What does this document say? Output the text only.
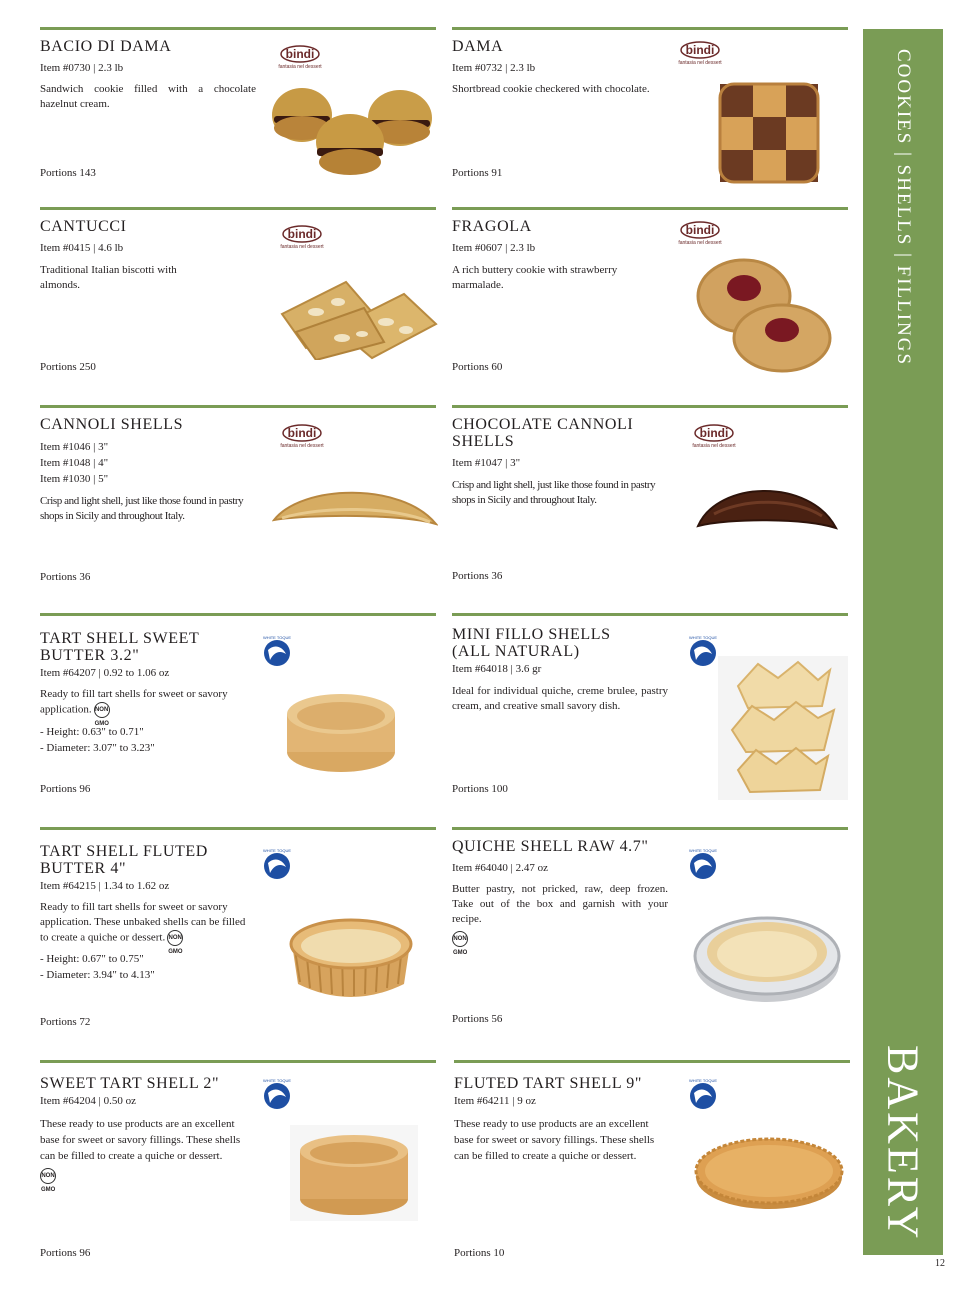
BACIO DI DAMA
Item #0730 | 2.3 lb
Sandwich cookie filled with a chocolate hazelnut cream.
Portions 143
bindi
fantasia nel dessert
DAMA
Item #0732 | 2.3 lb
Shortbread cookie checkered with chocolate.
Portions 91
bindi
fantasia nel dessert
CANTUCCI
Item #0415 | 4.6 lb
Traditional Italian biscotti with almonds.
Portions 250
bindi
fantasia nel dessert
FRAGOLA
Item #0607 | 2.3 lb
A rich buttery cookie with strawberry marmalade.
Portions 60
bindi
fantasia nel dessert
CANNOLI SHELLS
Item #1046 | 3"
Item #1048 | 4"
Item #1030 | 5"
Crisp and light shell, just like those found in pastry shops in Sicily and throughout Italy.
Portions 36
bindi
fantasia nel dessert
CHOCOLATE CANNOLI
SHELLS
Item #1047 | 3"
Crisp and light shell, just like those found in pastry shops in Sicily and throughout Italy.
Portions 36
bindi
fantasia nel dessert
TART SHELL SWEET
BUTTER 3.2"
Item #64207 | 0.92 to 1.06 oz
Ready to fill tart shells for sweet or savory application. NON GMO
- Height: 0.63" to 0.71"
- Diameter: 3.07" to 3.23"
Portions 96
WHITE TOQUE	MINI FILLO SHELLS
(ALL NATURAL)
Item #64018 | 3.6 gr
Ideal for individual quiche, creme brulee, pastry cream, and creative small savory dish.
Portions 100
WHITE TOQUE
TART SHELL FLUTED
BUTTER 4"
Item #64215 | 1.34 to 1.62 oz
Ready to fill tart shells for sweet or savory application. These unbaked shells can be filled to create a quiche or dessert. NON GMO
- Height: 0.67" to 0.75"
- Diameter: 3.94" to 4.13"
Portions 72
WHITE TOQUE	QUICHE SHELL RAW 4.7"
Item #64040 | 2.47 oz
Butter pastry, not pricked, raw, deep frozen. Take out of the box and garnish with your recipe.
NON GMO
Portions 56
WHITE TOQUE
SWEET TART SHELL 2"
Item #64204 | 0.50 oz
These ready to use products are an excellent base for sweet or savory fillings. These shells can be filled to create a quiche or dessert.
NON GMO
Portions 96
WHITE TOQUE	FLUTED TART SHELL 9"
Item #64211 | 9 oz
These ready to use products are an excellent base for sweet or savory fillings. These shells can be filled to create a quiche or dessert.
Portions 10
WHITE TOQUE
COOKIES | SHELLS | FILLINGS
BAKERY
12
